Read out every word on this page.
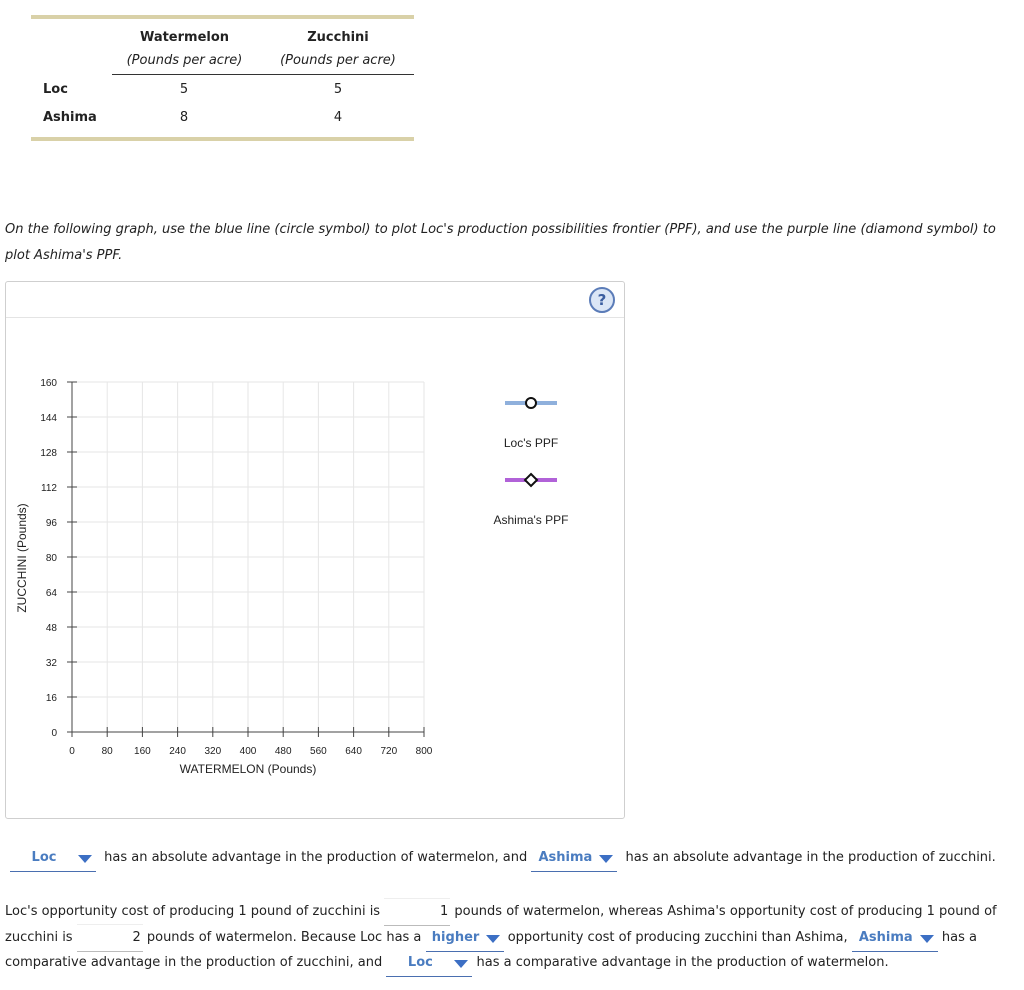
Watermelon
(Pounds per acre)
Zucchini
(Pounds per acre)
Loc	5	5
Ashima	8	4
On the following graph, use the blue line (circle symbol) to plot Loc's production possibilities frontier (PPF), and use the purple line (diamond symbol) to plot Ashima's PPF.
?
0	80 160 240 320 400 480 560 640 720 800
0
16
32
48
64
80
96
112
128
144
160
WATERMELON (Pounds)
ZUCCHINI (Pounds)
Loc's PPF
Ashima's PPF
Loc	has an absolute advantage in the production of watermelon, and Ashima	has an absolute advantage in the production of zucchini.
Loc's opportunity cost of producing 1 pound of zucchini is	1 pounds of watermelon, whereas Ashima's opportunity cost of producing 1 pound of
zucchini is	2 pounds of watermelon. Because Loc has a higher opportunity cost of producing zucchini than Ashima, Ashima has a
comparative advantage in the production of zucchini, and Loc	has a comparative advantage in the production of watermelon.
